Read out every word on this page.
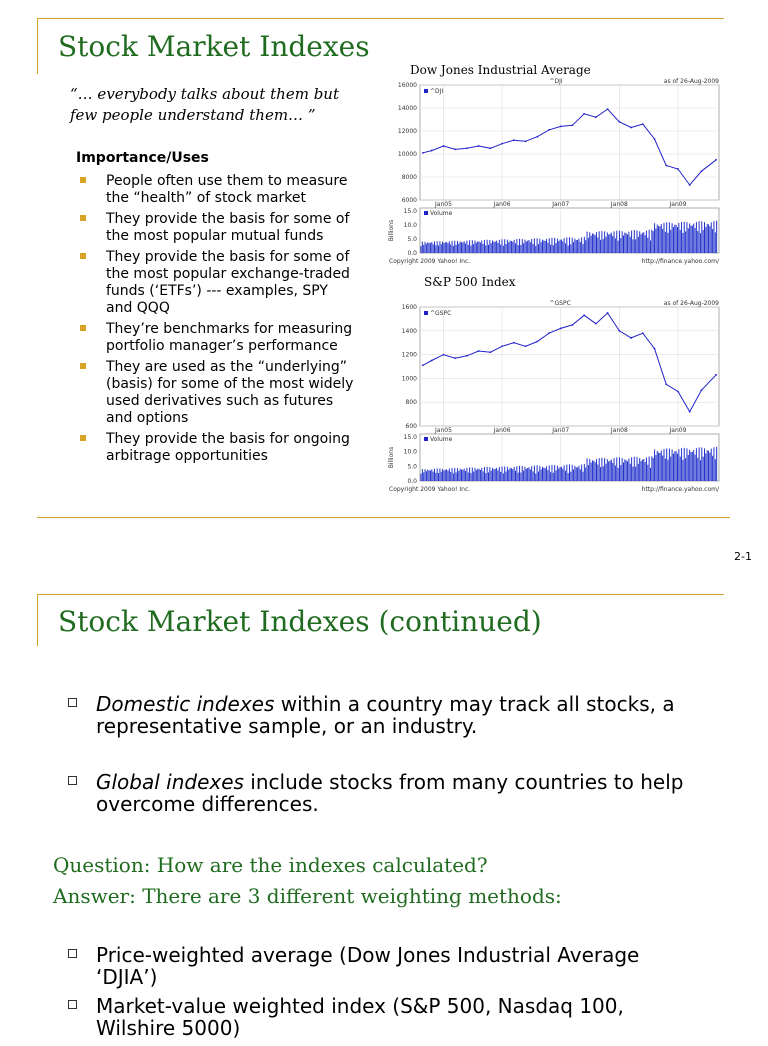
Stock Market Indexes
“… everybody talks about them but
few people understand them… ”
Importance/Uses
People often use them to measure
the “health” of stock market
They provide the basis for some of
the most popular mutual funds
They provide the basis for some of
the most popular exchange-traded
funds (‘ETFs’) --- examples, SPY
and QQQ
They’re benchmarks for measuring
portfolio manager’s performance
They are used as the “underlying”
(basis) for some of the most widely
used derivatives such as futures
and options
They provide the basis for ongoing
arbitrage opportunities
Dow Jones Industrial Average
^DJI	as of 26-Aug-2009
16000
14000
12000
10000
8000
6000
Jan05	Jan06	Jan07	Jan08	Jan09
^DJI
15.0
10.0
5.0
0.0
Billions
Volume
Copyright 2009 Yahoo! Inc.	http://finance.yahoo.com/
S&P 500 Index
^GSPC	as of 26-Aug-2009
1600
1400
1200
1000
800
600
Jan05	Jan06	Jan07	Jan08	Jan09
^GSPC
15.0
10.0
5.0
0.0
Billions
Volume
Copyright 2009 Yahoo! Inc.	http://finance.yahoo.com/
2-1
Stock Market Indexes (continued)
Domestic indexes within a country may track all stocks, a
representative sample, or an industry.
Global indexes include stocks from many countries to help
overcome differences.
Question: How are the indexes calculated?
Answer: There are 3 different weighting methods:
Price-weighted average (Dow Jones Industrial Average
‘DJIA’)
Market-value weighted index (S&P 500, Nasdaq 100,
Wilshire 5000)
